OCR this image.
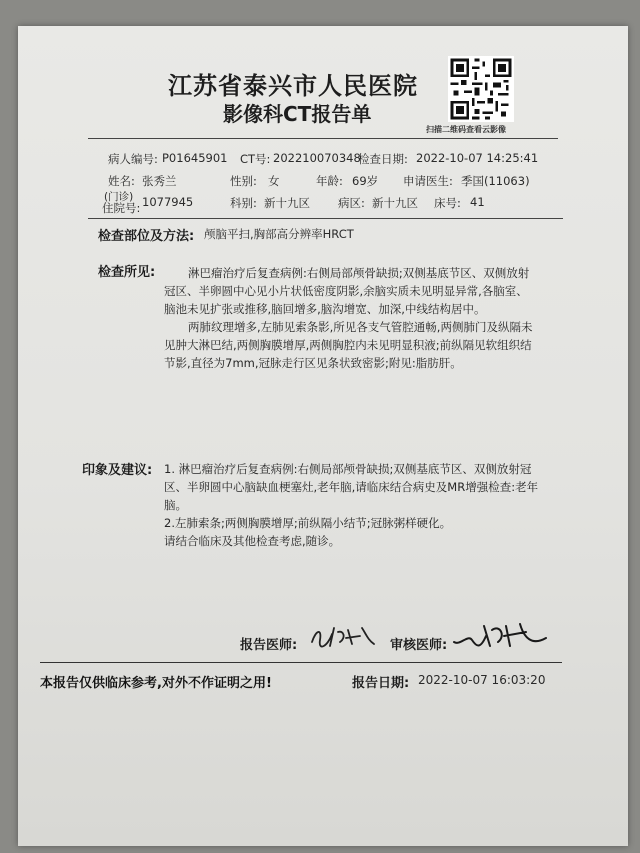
江苏省泰兴市人民医院
影像科CT报告单
扫描二维码查看云影像
病人编号: P01645901 CT号: 202210070348
检查日期: 2022-10-07 14:25:41
姓名: 张秀兰	性别: 女	年龄: 69岁 申请医生: 季国(11063)
(门诊)
住院号: 1077945	科别: 新十九区 病区: 新十九区 床号: 41
检查部位及方法: 颅脑平扫,胸部高分辨率HRCT
检查所见:	淋巴瘤治疗后复查病例:右侧局部颅骨缺损;双侧基底节区、双侧放射冠区、半卵圆中心见小片状低密度阴影,余脑实质未见明显异常,各脑室、脑池未见扩张或推移,脑回增多,脑沟增宽、加深,中线结构居中。

两肺纹理增多,左肺见索条影,所见各支气管腔通畅,两侧肺门及纵隔未见肿大淋巴结,两侧胸膜增厚,两侧胸腔内未见明显积液;前纵隔见软组织结节影,直径为7mm,冠脉走行区见条状致密影;附见:脂肪肝。

印象及建议: 1. 淋巴瘤治疗后复查病例:右侧局部颅骨缺损;双侧基底节区、双侧放射冠区、半卵圆中心脑缺血梗塞灶,老年脑,请临床结合病史及MR增强检查:老年脑。

2.左肺索条;两侧胸膜增厚;前纵隔小结节;冠脉粥样硬化。

请结合临床及其他检查考虑,随诊。

报告医师:	审核医师:
本报告仅供临床参考,对外不作证明之用!	报告日期: 2022-10-07 16:03:20
